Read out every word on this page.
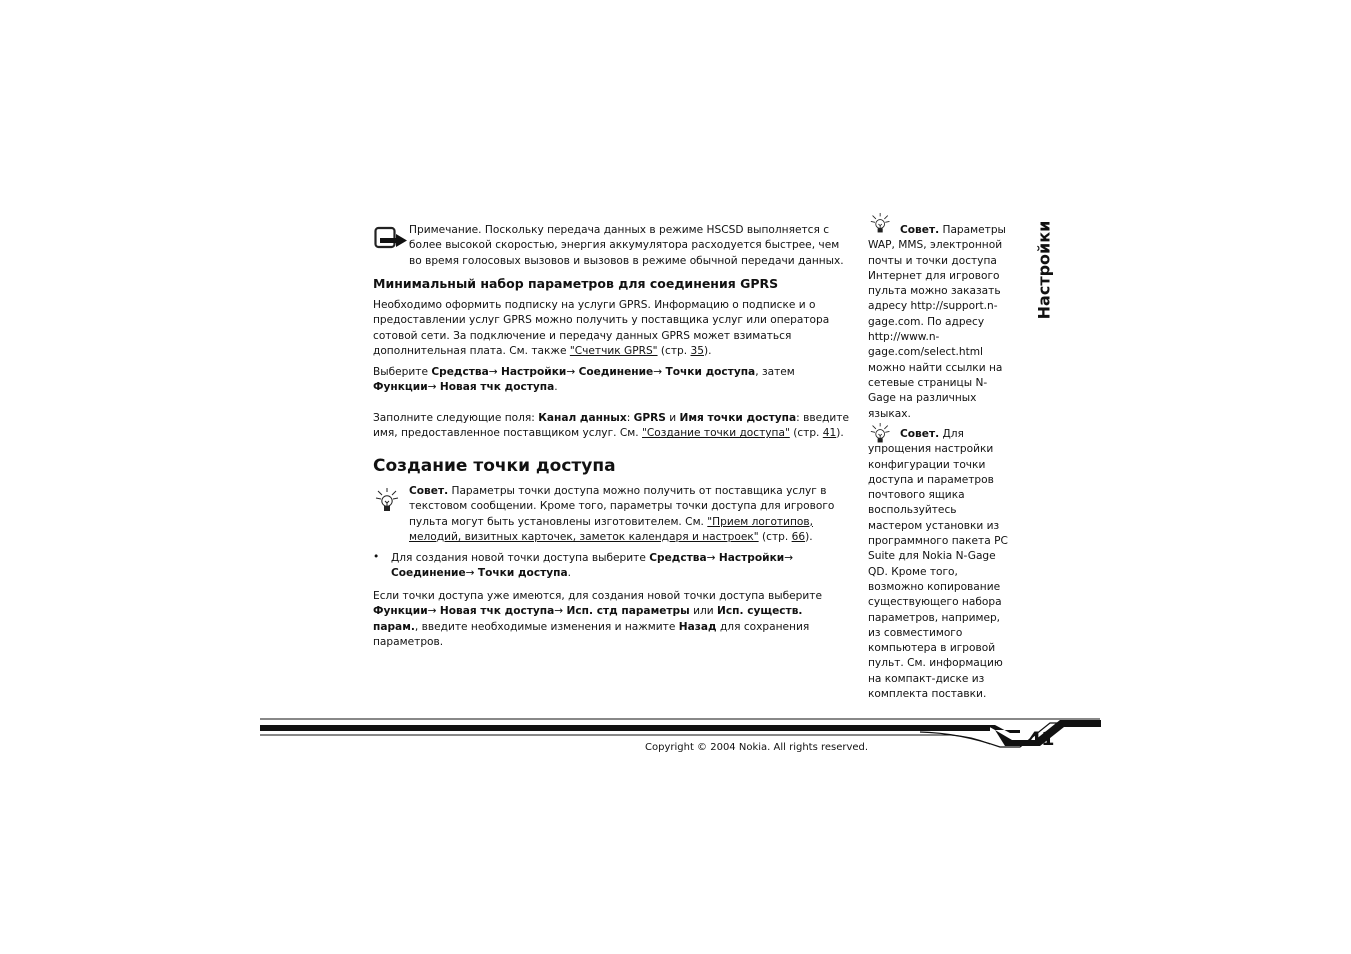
Примечание. Поскольку передача данных в режиме HSCSD выполняется с более высокой скоростью, энергия аккумулятора расходуется быстрее, чем во время голосовых вызовов и вызовов в режиме обычной передачи данных.
Минимальный набор параметров для соединения GPRS
Необходимо оформить подписку на услуги GPRS. Информацию о подписке и о предоставлении услуг GPRS можно получить у поставщика услуг или оператора сотовой сети. За подключение и передачу данных GPRS может взиматься дополнительная плата. См. также "Счетчик GPRS" (стр. 35).
Выберите Средства→ Настройки→ Соединение→ Точки доступа, затем Функции→ Новая тчк доступа.
Заполните следующие поля: Канал данных: GPRS и Имя точки доступа: введите имя, предоставленное поставщиком услуг. См. "Создание точки доступа" (стр. 41).
Создание точки доступа
Совет. Параметры точки доступа можно получить от поставщика услуг в текстовом сообщении. Кроме того, параметры точки доступа для игрового пульта могут быть установлены изготовителем. См. "Прием логотипов, мелодий, визитных карточек, заметок календаря и настроек" (стр. 66).
• Для создания новой точки доступа выберите Средства→ Настройки→ Соединение→ Точки доступа.
Если точки доступа уже имеются, для создания новой точки доступа выберите Функции→ Новая тчк доступа→ Исп. стд параметры или Исп. существ. парам., введите необходимые изменения и нажмите Назад для сохранения параметров.
Совет. Параметры WAP, MMS, электронной почты и точки доступа Интернет для игрового пульта можно заказать адресу http://support.n-gage.com. По адресу http://www.n-gage.com/select.html можно найти ссылки на сетевые страницы N-Gage на различных языках.
Совет. Для упрощения настройки конфигурации точки доступа и параметров почтового ящика воспользуйтесь мастером установки из программного пакета PC Suite для Nokia N-Gage QD. Кроме того, возможно копирование существующего набора параметров, например, из совместимого компьютера в игровой пульт. См. информацию на компакт-диске из комплекта поставки.
Настройки
41
Copyright © 2004 Nokia. All rights reserved.
